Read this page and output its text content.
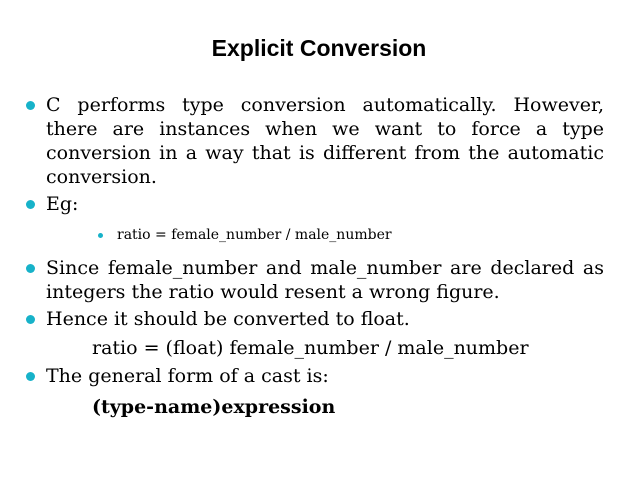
Explicit Conversion
C performs type conversion automatically. However, there are instances when we want to force a type conversion in a way that is different from the automatic conversion.
Eg:
ratio = female_number / male_number
Since female_number and male_number are declared as integers the ratio would resent a wrong figure.
Hence it should be converted to float.
ratio = (float) female_number / male_number
The general form of a cast is:
(type-name)expression
